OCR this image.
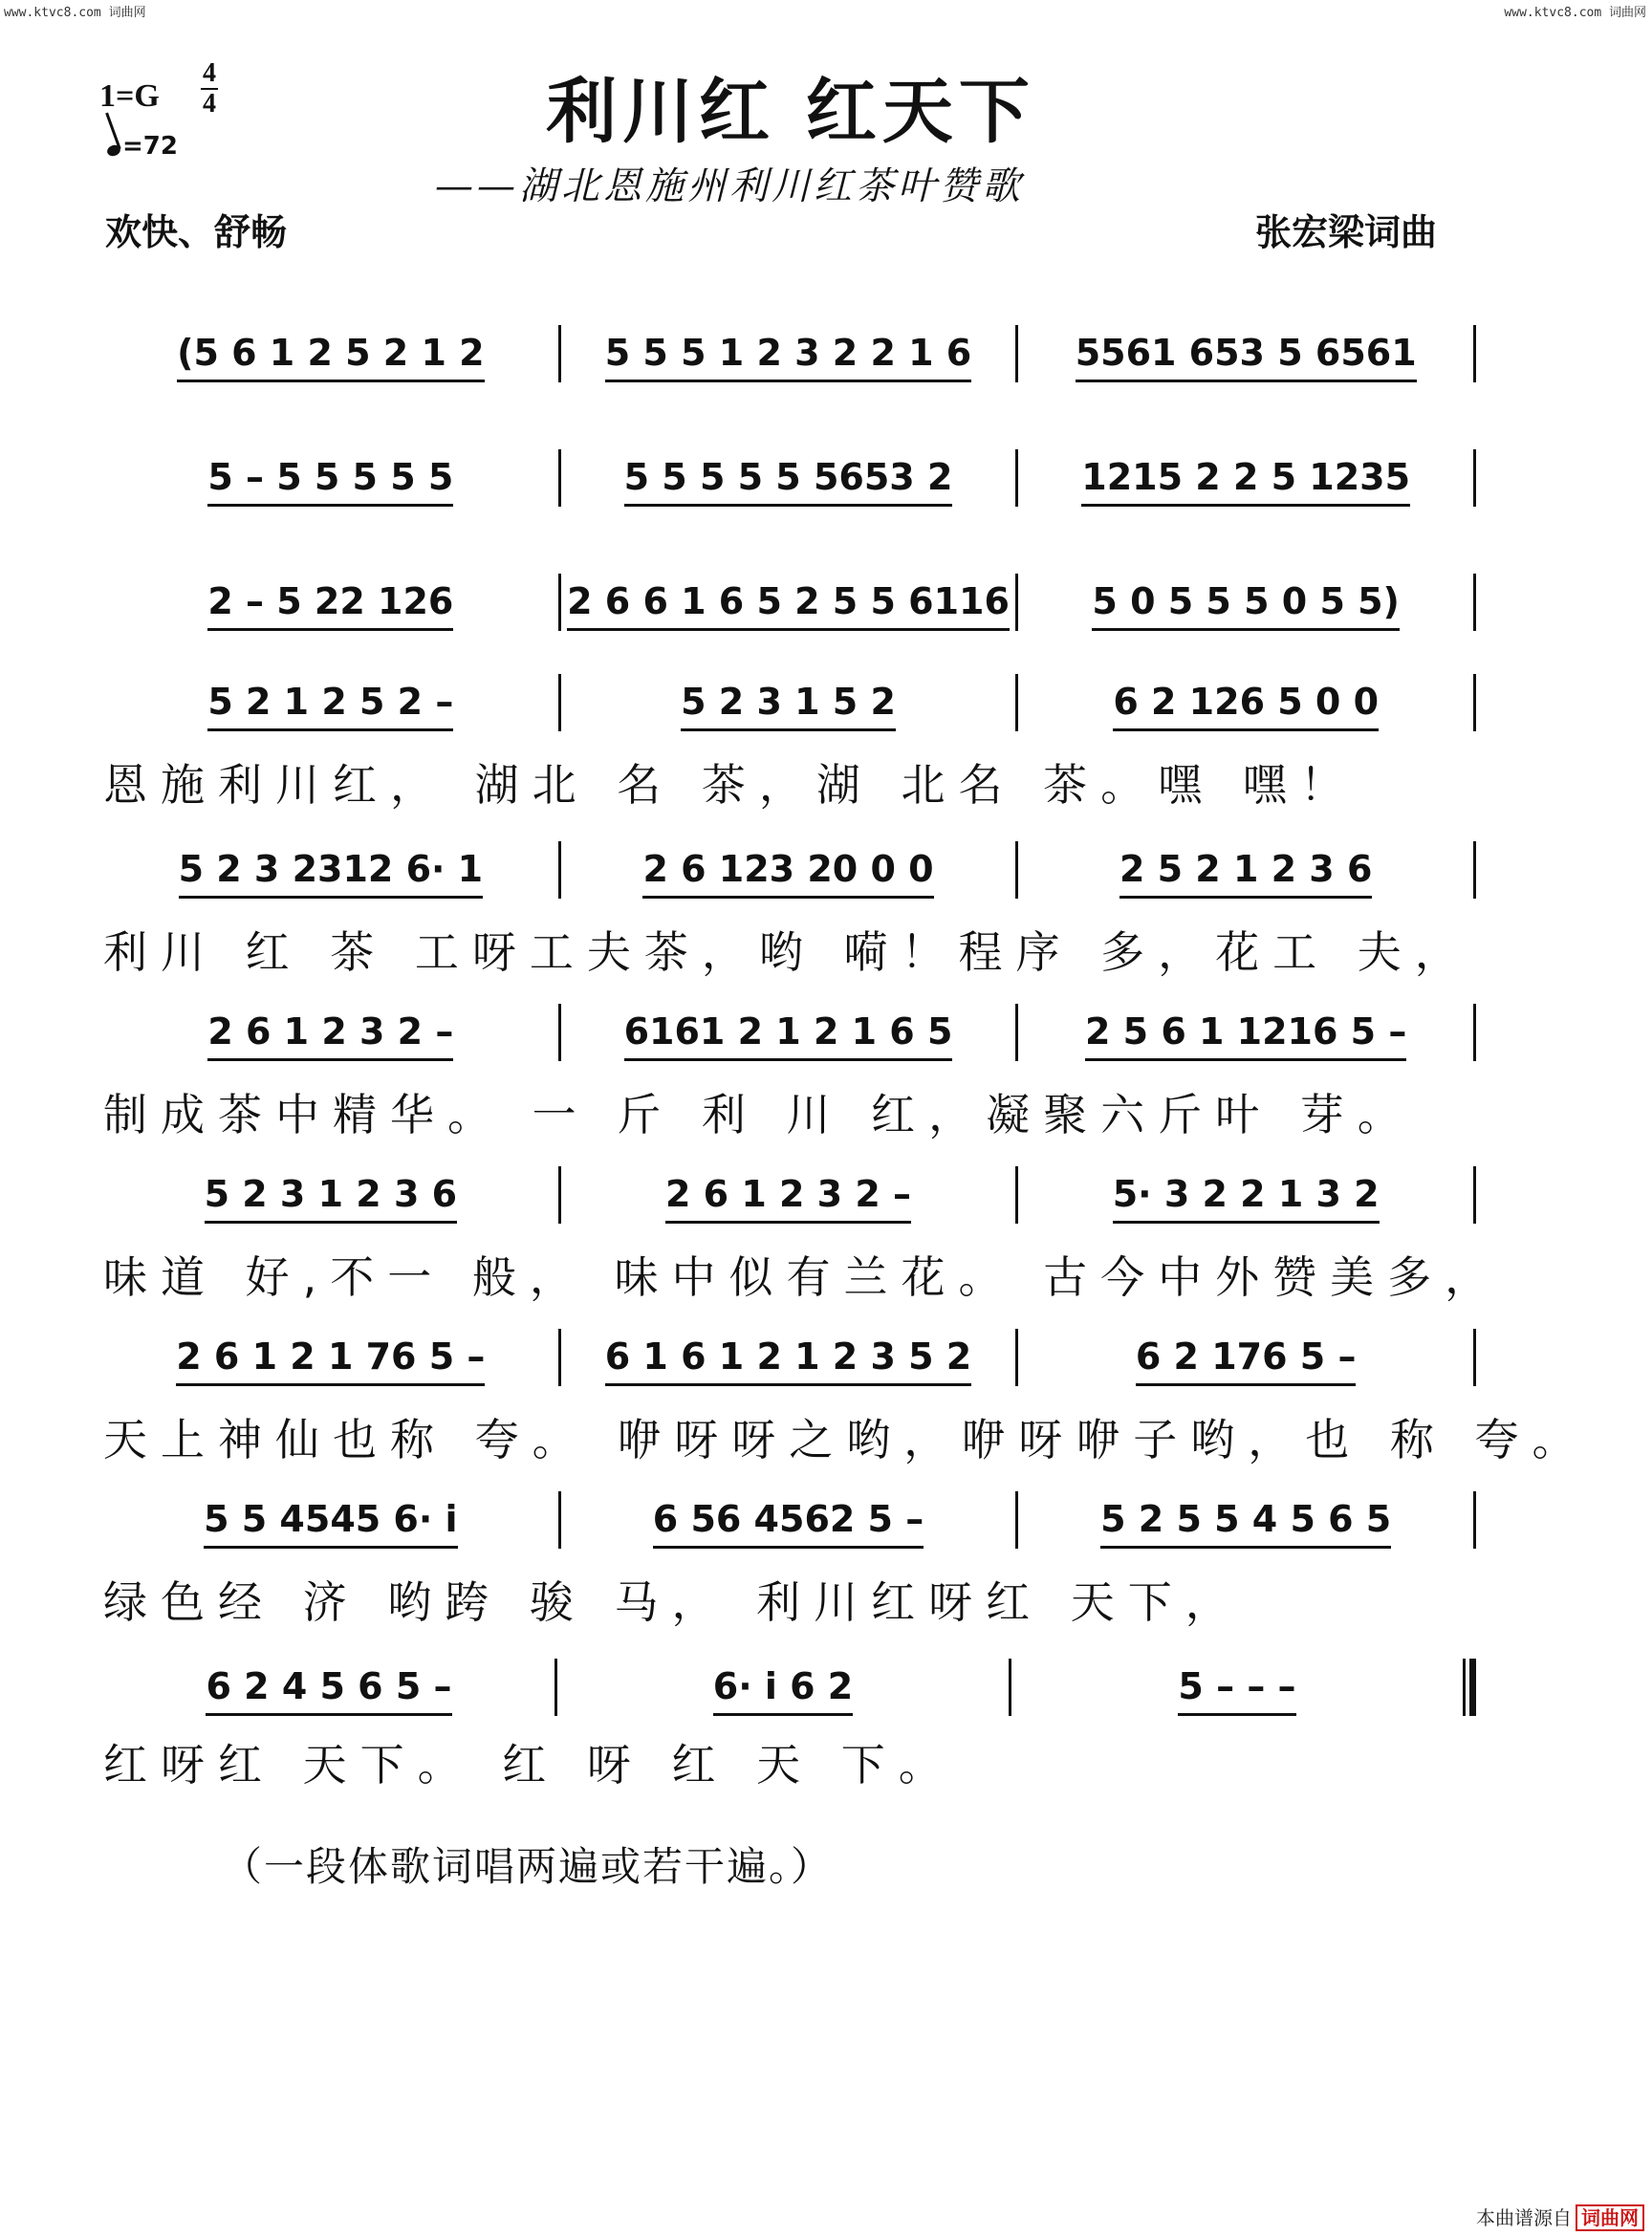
www.ktvc8.com 词曲网	www.ktvc8.com 词曲网
1=G
4
4
=72	利川红 红天下
——湖北恩施州利川红茶叶赞歌
欢快、舒畅	张宏梁词曲
(5 6 1 2 5 2 1 2	5 5 5 1 2 3 2 2 1 6	5561 653 5 6561
5 – 5 5 5 5 5	5 5 5 5 5 5653 2	1215 2 2 5 1235
2 – 5 22 126	2 6 6 1 6 5 2 5 5 6116 5 0 5 5 5 0 5 5)
5 2 1 2 5 2 –	5 2 3 1 5 2	6 2 126 5 0 0
恩施利川红， 湖北 名 茶，湖 北名 茶。嘿 嘿！
5 2 3 2312 6· 1	2 6 123 20 0 0	2 5 2 1 2 3 6
利川 红 茶 工呀工夫茶，哟 嗬！程序 多，花工 夫，
2 6 1 2 3 2 –	6161 2 1 2 1 6 5	2 5 6 1 1216 5 –
制成茶中精华。 一 斤 利 川 红，凝聚六斤叶 芽。
5 2 3 1 2 3 6	2 6 1 2 3 2 –	5· 3 2 2 1 3 2
味道 好,不一 般， 味中似有兰花。 古今中外赞美多，
2 6 1 2 1 76 5 –	6 1 6 1 2 1 2 3 5 2	6 2 176 5 –
天上神仙也称 夸。 咿呀呀之哟，咿呀咿子哟，也 称 夸。
5 5 4545 6· i	6 56 4562 5 –	5 2 5 5 4 5 6 5
绿色经 济 哟跨 骏 马， 利川红呀红 天下，
6 2 4 5 6 5 –	6· i 6 2	5 – – –
红呀红 天下。 红 呀 红 天 下。
（一段体歌词唱两遍或若干遍。）
本曲谱源自 词曲网
